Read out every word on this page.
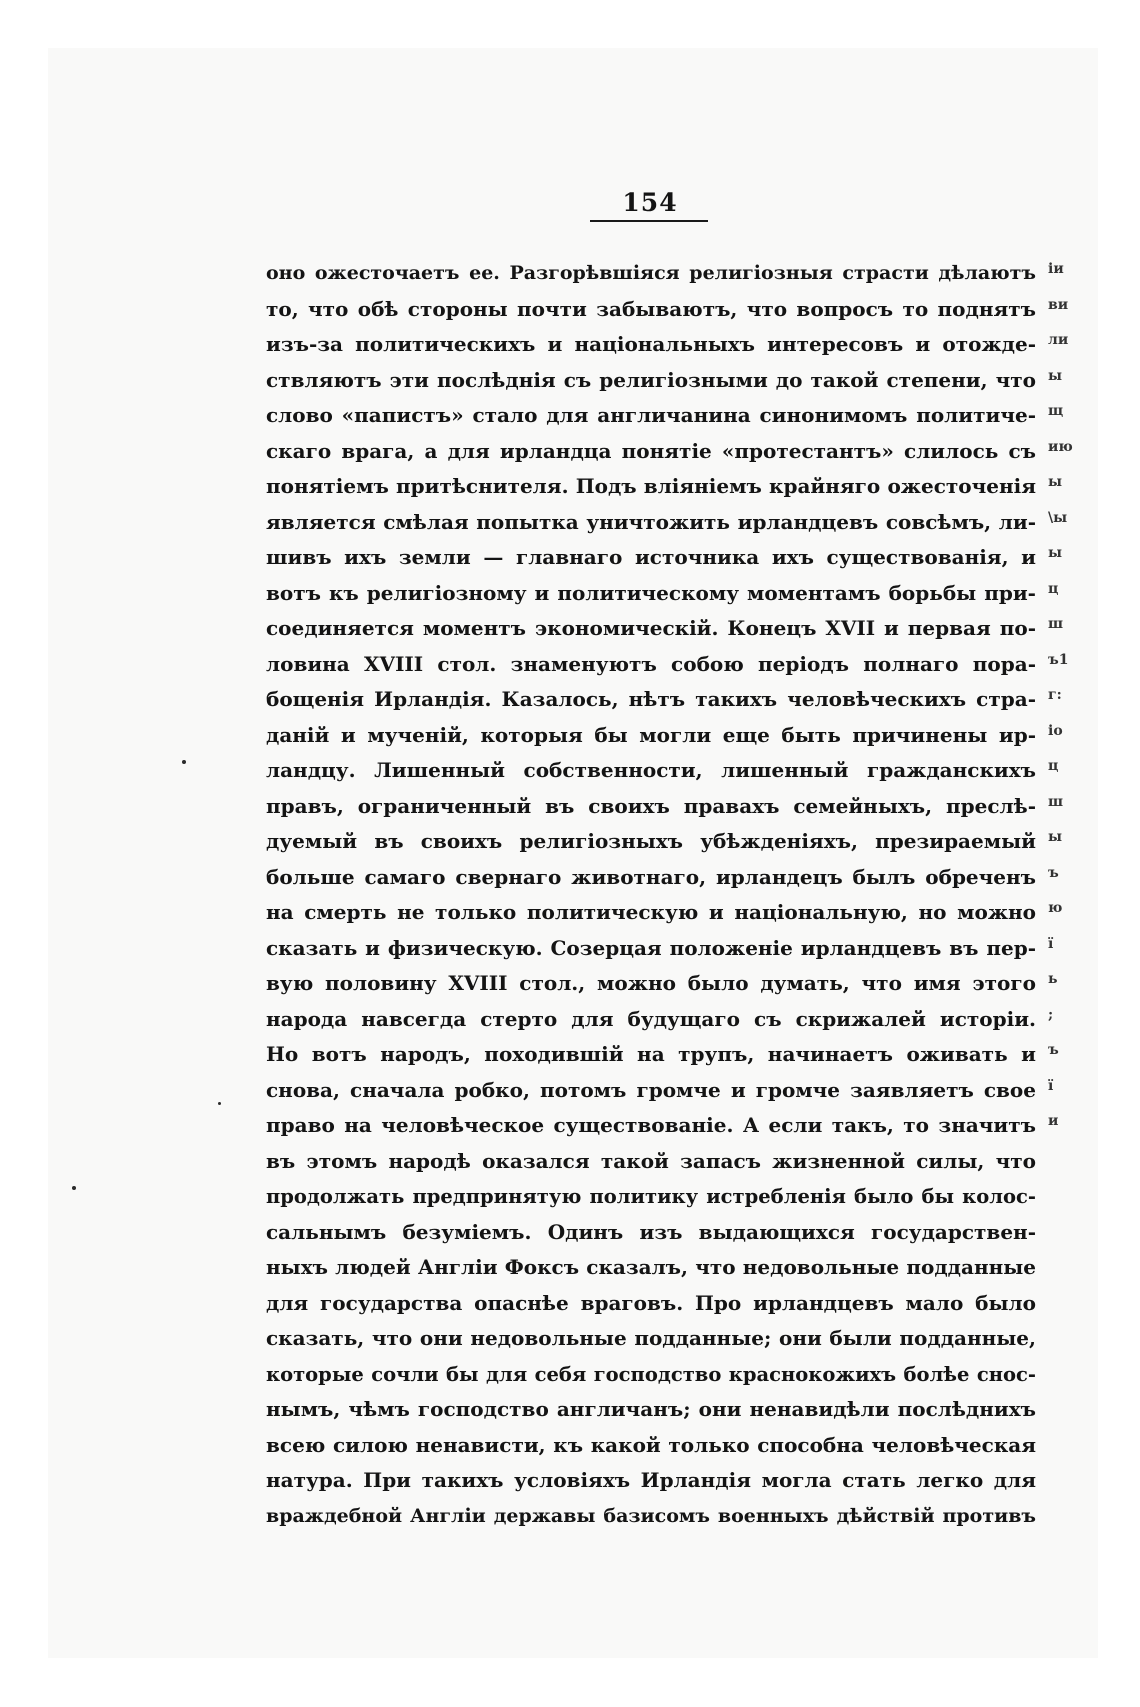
154
оно ожесточаетъ ее. Разгорѣвшіяся религіозныя страсти дѣлаютъ
то, что обѣ стороны почти забываютъ, что вопросъ то поднятъ
изъ-за политическихъ и національныхъ интересовъ и отожде-
ствляютъ эти послѣднія съ религіозными до такой степени, что
слово «папистъ» стало для англичанина синонимомъ политиче-
скаго врага, а для ирландца понятіе «протестантъ» слилось съ
понятіемъ притѣснителя. Подъ вліяніемъ крайняго ожесточенія
является смѣлая попытка уничтожить ирландцевъ совсѣмъ, ли-
шивъ ихъ земли — главнаго источника ихъ существованія, и
вотъ къ религіозному и политическому моментамъ борьбы при-
соединяется моментъ экономическій. Конецъ XVII и первая по-
ловина XVIII стол. знаменуютъ собою періодъ полнаго пора-
бощенія Ирландія. Казалось, нѣтъ такихъ человѣческихъ стра-
даній и мученій, которыя бы могли еще быть причинены ир-
ландцу. Лишенный собственности, лишенный гражданскихъ
правъ, ограниченный въ своихъ правахъ семейныхъ, преслѣ-
дуемый въ своихъ религіозныхъ убѣжденіяхъ, презираемый
больше самаго свернаго животнаго, ирландецъ былъ обреченъ
на смерть не только политическую и національную, но можно
сказать и физическую. Созерцая положеніе ирландцевъ въ пер-
вую половину XVIII стол., можно было думать, что имя этого
народа навсегда стерто для будущаго съ скрижалей исторіи.
Но вотъ народъ, походившій на трупъ, начинаетъ оживать и
снова, сначала робко, потомъ громче и громче заявляетъ свое
право на человѣческое существованіе. А если такъ, то значитъ
въ этомъ народѣ оказался такой запасъ жизненной силы, что
продолжать предпринятую политику истребленія было бы колос-
сальнымъ безуміемъ. Одинъ изъ выдающихся государствен-
ныхъ людей Англіи Фоксъ сказалъ, что недовольные подданные
для государства опаснѣе враговъ. Про ирландцевъ мало было
сказать, что они недовольные подданные; они были подданные,
которые сочли бы для себя господство краснокожихъ болѣе снос-
нымъ, чѣмъ господство англичанъ; они ненавидѣли послѣднихъ
всею силою ненависти, къ какой только способна человѣческая
натура. При такихъ условіяхъ Ирландія могла стать легко для
враждебной Англіи державы базисомъ военныхъ дѣйствій противъ
іи
ви
ли
ы
щ
ию
ы
\ы
ы
ц
ш
ъ1
г:
іо
ц
ш
ы
ъ
ю
ї
ь
;
ъ
ї
и
